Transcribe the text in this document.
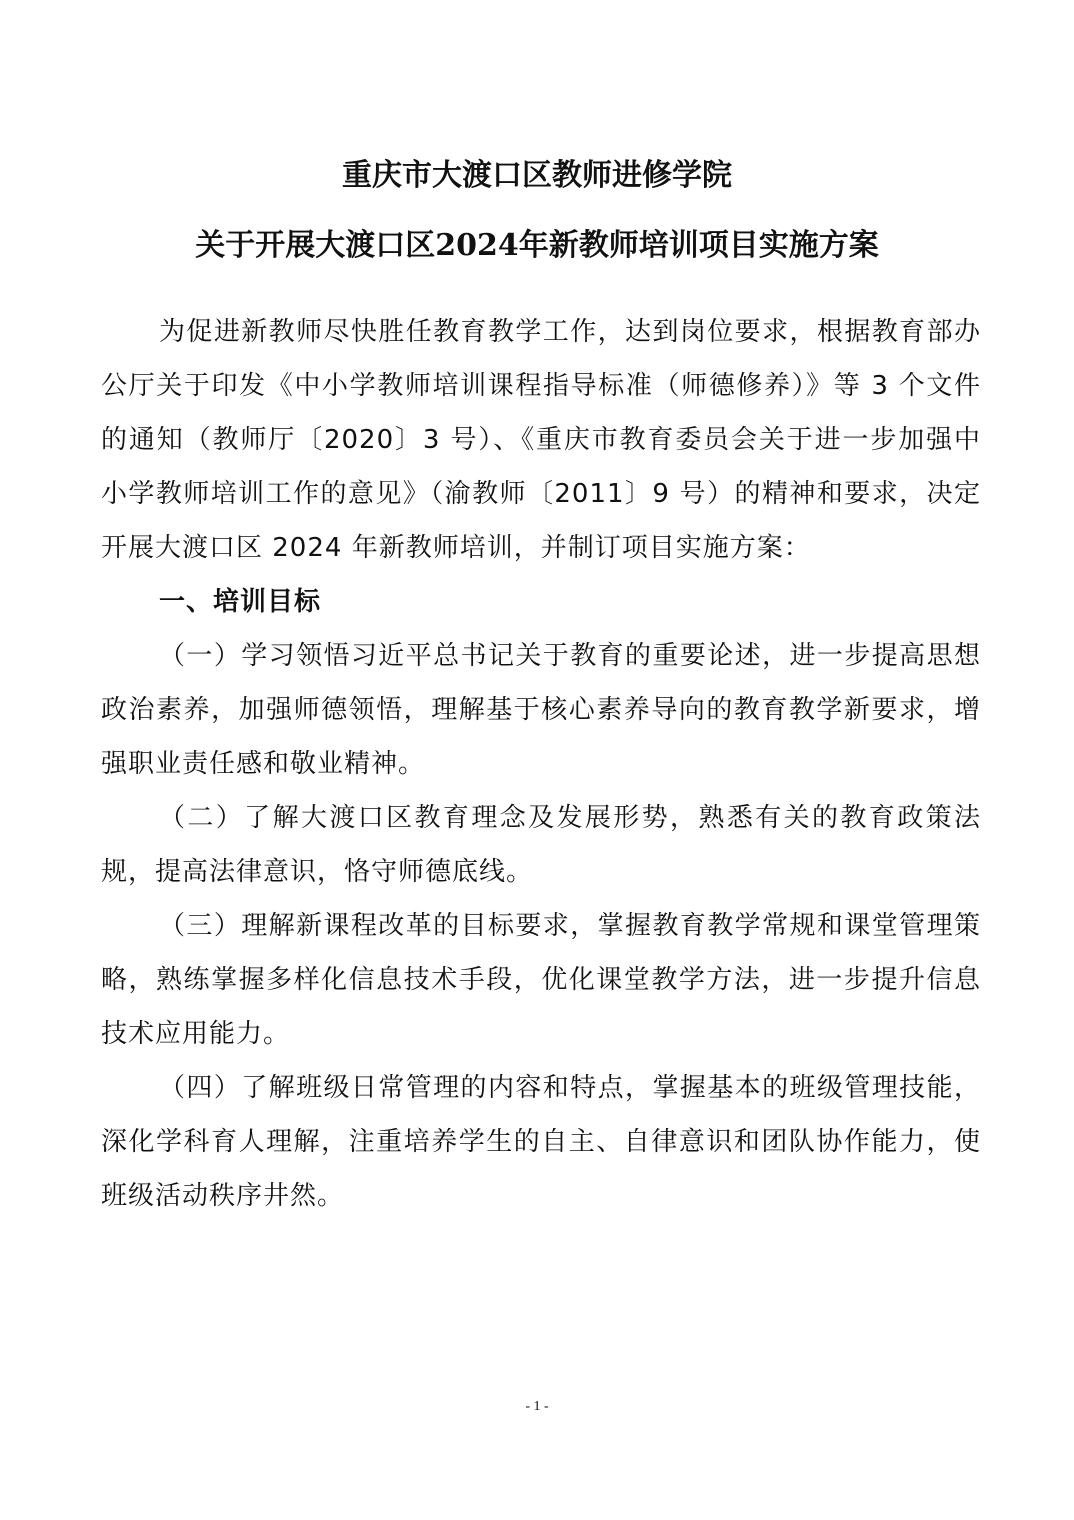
重庆市大渡口区教师进修学院
关于开展大渡口区2024年新教师培训项目实施方案

为促进新教师尽快胜任教育教学工作，达到岗位要求，根据教育部办公厅关于印发《中小学教师培训课程指导标准（师德修养）》等 3 个文件的通知（教师厅〔2020〕3 号）、《重庆市教育委员会关于进一步加强中小学教师培训工作的意见》（渝教师〔2011〕9 号）的精神和要求，决定开展大渡口区 2024 年新教师培训，并制订项目实施方案：

一、培训目标

（一）学习领悟习近平总书记关于教育的重要论述，进一步提高思想政治素养，加强师德领悟，理解基于核心素养导向的教育教学新要求，增强职业责任感和敬业精神。

（二）了解大渡口区教育理念及发展形势，熟悉有关的教育政策法规，提高法律意识，恪守师德底线。

（三）理解新课程改革的目标要求，掌握教育教学常规和课堂管理策略，熟练掌握多样化信息技术手段，优化课堂教学方法，进一步提升信息技术应用能力。

（四）了解班级日常管理的内容和特点，掌握基本的班级管理技能，深化学科育人理解，注重培养学生的自主、自律意识和团队协作能力，使班级活动秩序井然。

- 1 -
